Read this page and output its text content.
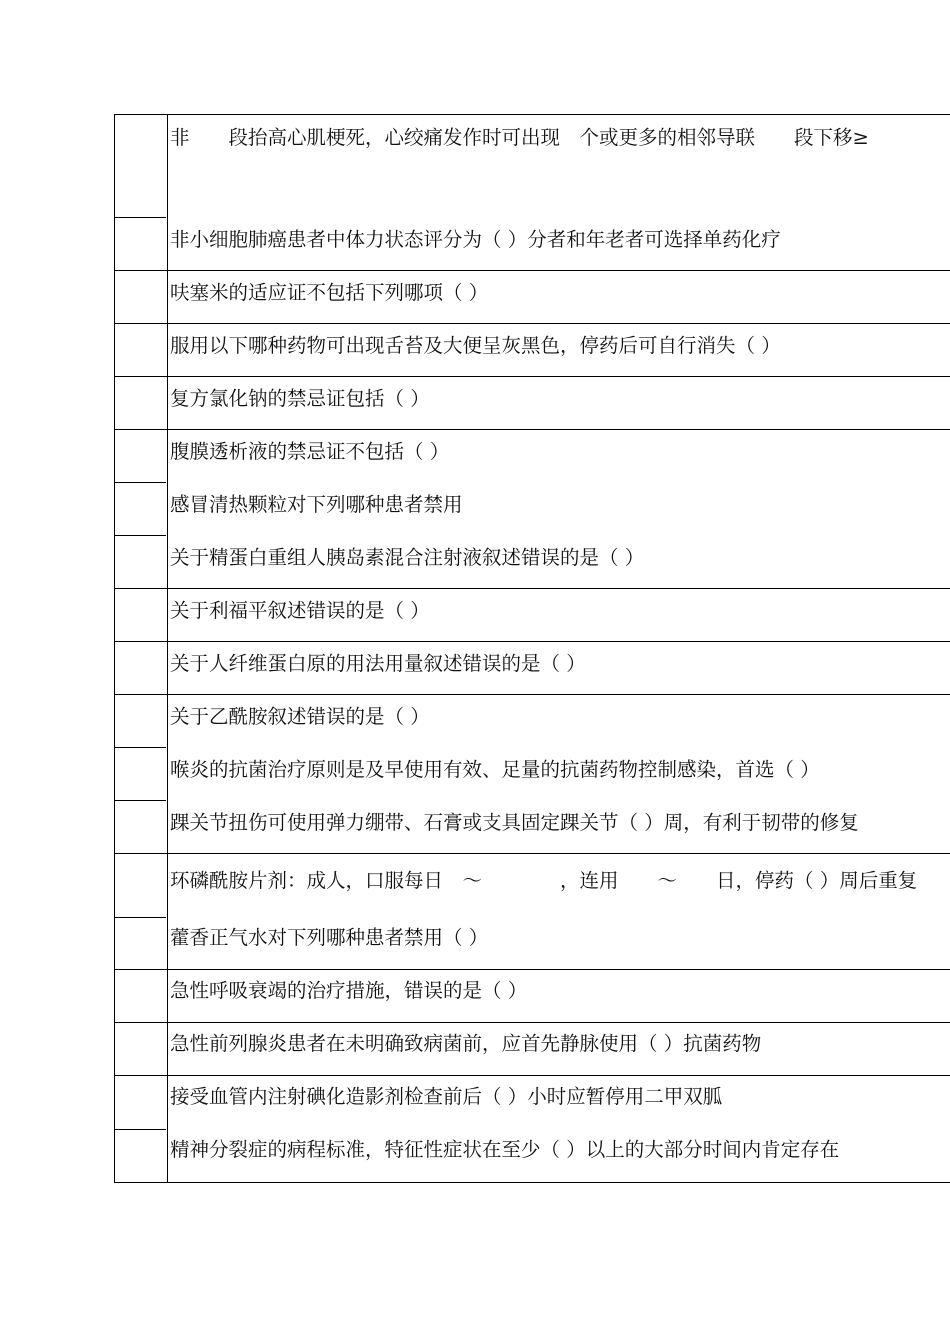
非　　段抬高心肌梗死，心绞痛发作时可出现　个或更多的相邻导联　　段下移≥
非小细胞肺癌患者中体力状态评分为（ ）分者和年老者可选择单药化疗
呋塞米的适应证不包括下列哪项（ ）
服用以下哪种药物可出现舌苔及大便呈灰黑色，停药后可自行消失（ ）
复方氯化钠的禁忌证包括（ ）
腹膜透析液的禁忌证不包括（ ）
感冒清热颗粒对下列哪种患者禁用
关于精蛋白重组人胰岛素混合注射液叙述错误的是（ ）
关于利福平叙述错误的是（ ）
关于人纤维蛋白原的用法用量叙述错误的是（ ）
关于乙酰胺叙述错误的是（ ）
喉炎的抗菌治疗原则是及早使用有效、足量的抗菌药物控制感染，首选（ ）
踝关节扭伤可使用弹力绷带、石膏或支具固定踝关节（ ）周，有利于韧带的修复
环磷酰胺片剂：成人，口服每日　～　　　　，连用　　～　　日，停药（ ）周后重复
藿香正气水对下列哪种患者禁用（ ）
急性呼吸衰竭的治疗措施，错误的是（ ）
急性前列腺炎患者在未明确致病菌前，应首先静脉使用（ ）抗菌药物
接受血管内注射碘化造影剂检查前后（ ）小时应暂停用二甲双胍
精神分裂症的病程标准，特征性症状在至少（ ）以上的大部分时间内肯定存在
